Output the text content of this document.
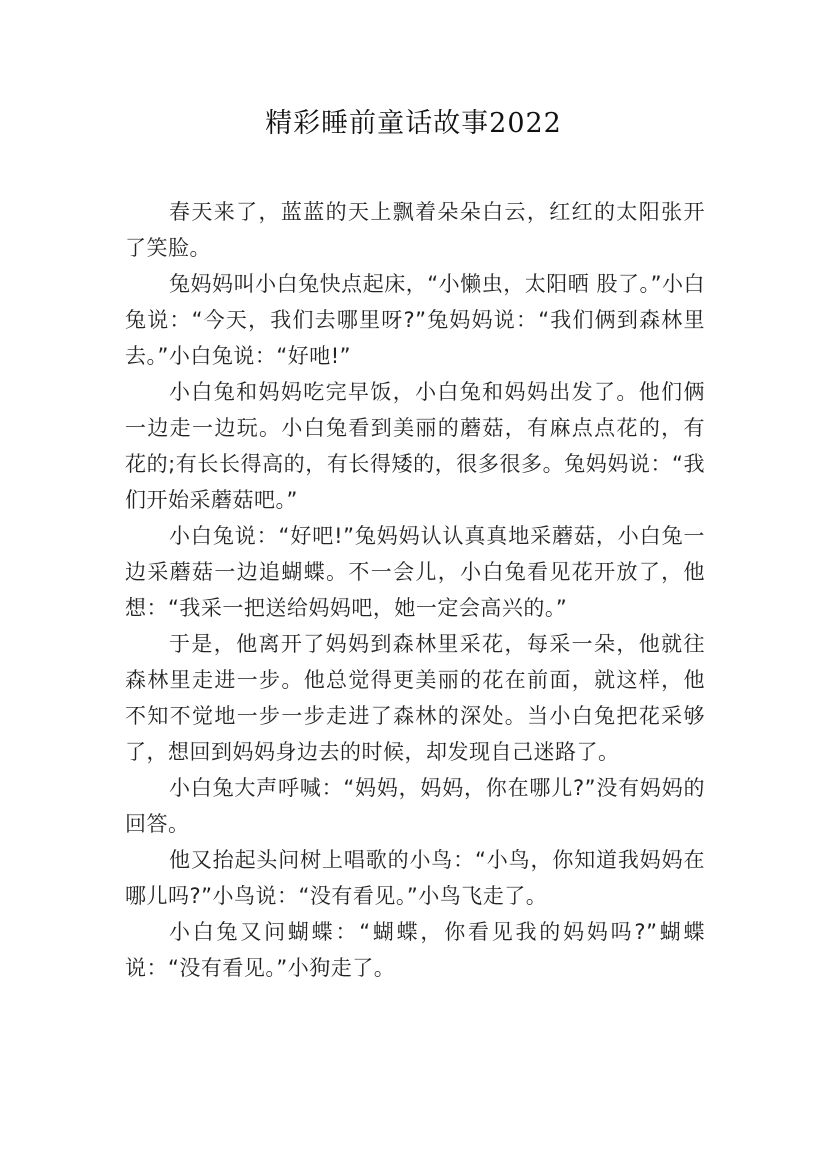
精彩睡前童话故事2022

春天来了，蓝蓝的天上飘着朵朵白云，红红的太阳张开了笑脸。

兔妈妈叫小白兔快点起床，“小懒虫，太阳晒 股了。”小白兔说：“今天，我们去哪里呀?”兔妈妈说：“我们俩到森林里去。”小白兔说：“好吔!”

小白兔和妈妈吃完早饭，小白兔和妈妈出发了。他们俩一边走一边玩。小白兔看到美丽的蘑菇，有麻点点花的，有花的;有长长得高的，有长得矮的，很多很多。兔妈妈说：“我们开始采蘑菇吧。”

小白兔说：“好吧!”兔妈妈认认真真地采蘑菇，小白兔一边采蘑菇一边追蝴蝶。不一会儿，小白兔看见花开放了，他想：“我采一把送给妈妈吧，她一定会高兴的。”

于是，他离开了妈妈到森林里采花，每采一朵，他就往森林里走进一步。他总觉得更美丽的花在前面，就这样，他不知不觉地一步一步走进了森林的深处。当小白兔把花采够了，想回到妈妈身边去的时候，却发现自己迷路了。

小白兔大声呼喊：“妈妈，妈妈，你在哪儿?”没有妈妈的回答。

他又抬起头问树上唱歌的小鸟：“小鸟，你知道我妈妈在哪儿吗?”小鸟说：“没有看见。”小鸟飞走了。

小白兔又问蝴蝶：“蝴蝶，你看见我的妈妈吗?”蝴蝶说：“没有看见。”小狗走了。
